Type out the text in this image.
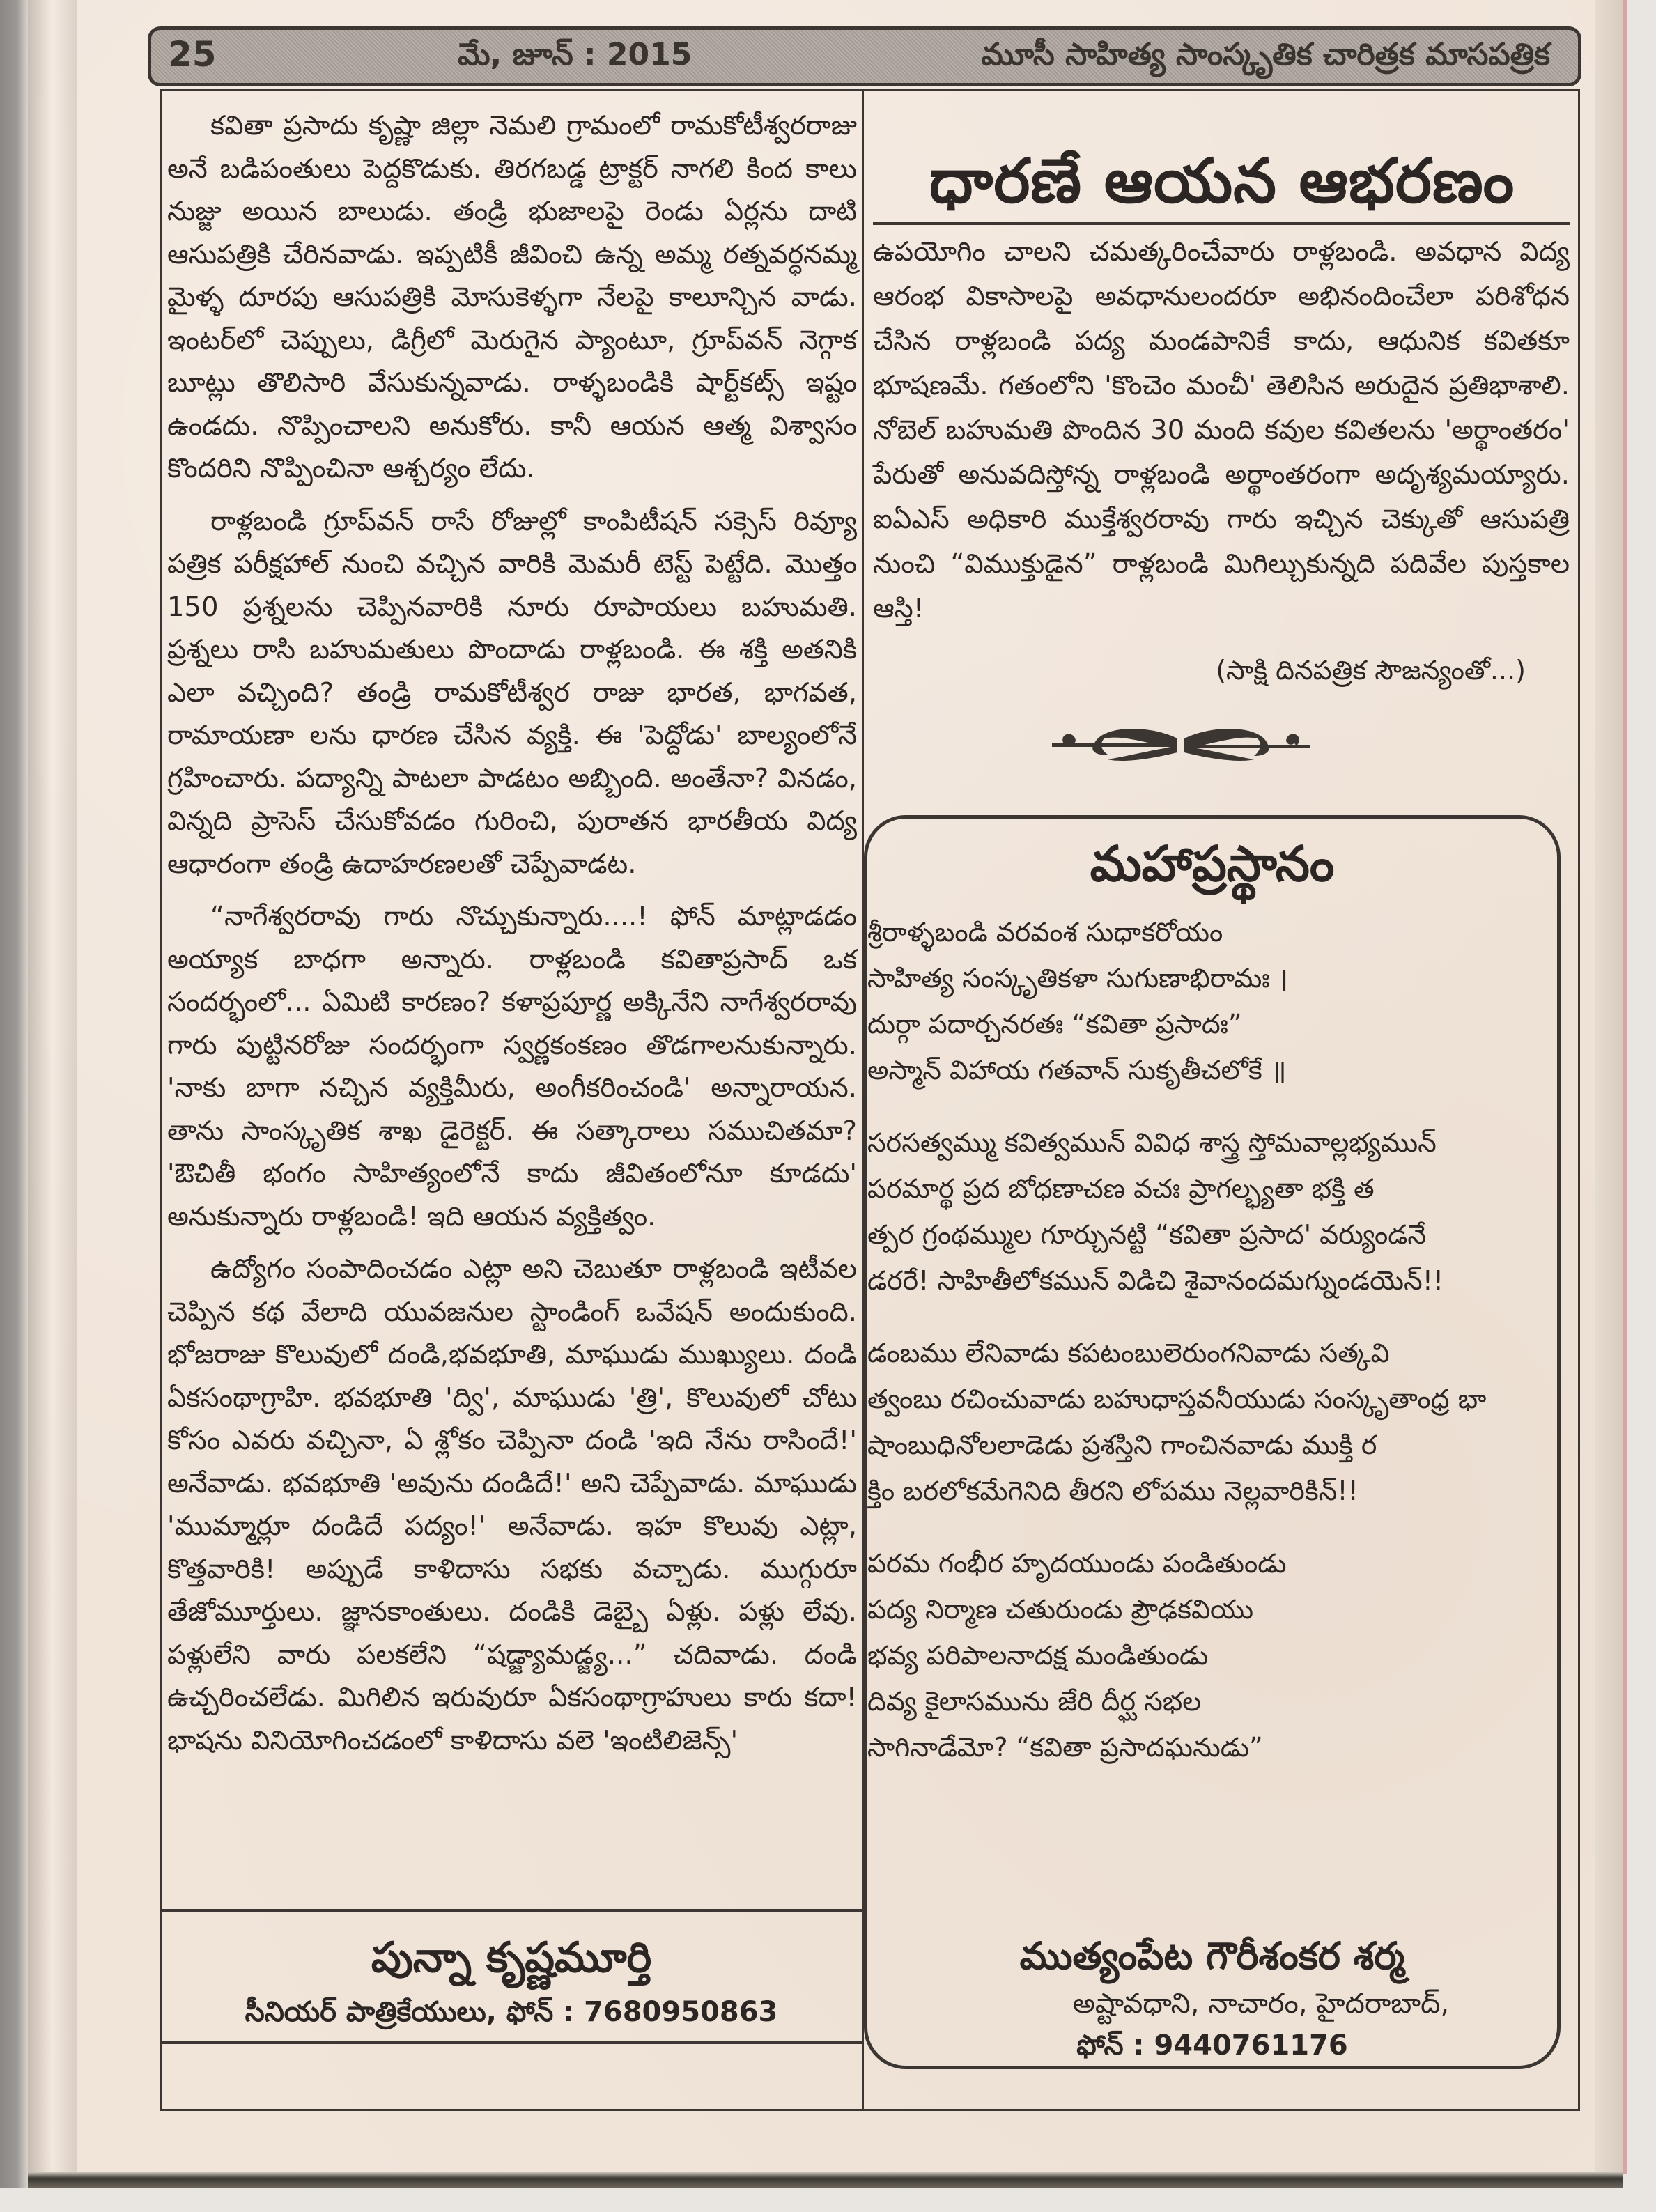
25	మే, జూన్ : 2015	మూసీ సాహిత్య సాంస్కృతిక చారిత్రక మాసపత్రిక

కవితా ప్రసాదు కృష్ణా జిల్లా నెమలి గ్రామంలో రామకోటీశ్వరరాజు అనే బడిపంతులు పెద్దకొడుకు. తిరగబడ్డ ట్రాక్టర్ నాగలి కింద కాలు నుజ్జు అయిన బాలుడు. తండ్రి భుజాలపై రెండు ఏర్లను దాటి ఆసుపత్రికి చేరినవాడు. ఇప్పటికీ జీవించి ఉన్న అమ్మ రత్నవర్ధనమ్మ మైళ్ళ దూరపు ఆసుపత్రికి మోసుకెళ్ళగా నేలపై కాలూన్చిన వాడు. ఇంటర్‌లో చెప్పులు, డిగ్రీలో మెరుగైన ప్యాంటూ, గ్రూప్‌వన్ నెగ్గాక బూట్లు తొలిసారి వేసుకున్నవాడు. రాళ్ళబండికి షార్ట్‌కట్స్ ఇష్టం ఉండదు. నొప్పించాలని అనుకోరు. కానీ ఆయన ఆత్మ విశ్వాసం కొందరిని నొప్పించినా ఆశ్చర్యం లేదు.

రాళ్లబండి గ్రూప్‌వన్ రాసే రోజుల్లో కాంపిటీషన్ సక్సెస్ రివ్యూ పత్రిక పరీక్షహాల్ నుంచి వచ్చిన వారికి మెమరీ టెస్ట్ పెట్టేది. మొత్తం 150 ప్రశ్నలను చెప్పినవారికి నూరు రూపాయలు బహుమతి. ప్రశ్నలు రాసి బహుమతులు పొందాడు రాళ్లబండి. ఈ శక్తి అతనికి ఎలా వచ్చింది? తండ్రి రామకోటీశ్వర రాజు భారత, భాగవత, రామాయణా లను ధారణ చేసిన వ్యక్తి. ఈ 'పెద్దోడు' బాల్యంలోనే గ్రహించారు. పద్యాన్ని పాటలా పాడటం అబ్బింది. అంతేనా? వినడం, విన్నది ప్రాసెస్ చేసుకోవడం గురించి, పురాతన భారతీయ విద్య ఆధారంగా తండ్రి ఉదాహరణలతో చెప్పేవాడట.

“నాగేశ్వరరావు గారు నొచ్చుకున్నారు....! ఫోన్ మాట్లాడడం అయ్యాక బాధగా అన్నారు. రాళ్లబండి కవితాప్రసాద్ ఒక సందర్భంలో... ఏమిటి కారణం? కళాప్రపూర్ణ అక్కినేని నాగేశ్వరరావు గారు పుట్టినరోజు సందర్భంగా స్వర్ణకంకణం తొడగాలనుకున్నారు. 'నాకు బాగా నచ్చిన వ్యక్తిమీరు, అంగీకరించండి' అన్నారాయన. తాను సాంస్కృతిక శాఖ డైరెక్టర్. ఈ సత్కారాలు సముచితమా? 'ఔచితీ భంగం సాహిత్యంలోనే కాదు జీవితంలోనూ కూడదు' అనుకున్నారు రాళ్లబండి! ఇది ఆయన వ్యక్తిత్వం.

ఉద్యోగం సంపాదించడం ఎట్లా అని చెబుతూ రాళ్లబండి ఇటీవల చెప్పిన కథ వేలాది యువజనుల స్టాండింగ్ ఒవేషన్ అందుకుంది. భోజరాజు కొలువులో దండి,భవభూతి, మాఘుడు ముఖ్యులు. దండి ఏకసంథాగ్రాహి. భవభూతి 'ద్వి', మాఘుడు 'త్రి', కొలువులో చోటు కోసం ఎవరు వచ్చినా, ఏ శ్లోకం చెప్పినా దండి 'ఇది నేను రాసిందే!' అనేవాడు. భవభూతి 'అవును దండిదే!' అని చెప్పేవాడు. మాఘుడు 'ముమ్మార్లూ దండిదే పద్యం!' అనేవాడు. ఇహ కొలువు ఎట్లా, కొత్తవారికి! అప్పుడే కాళిదాసు సభకు వచ్చాడు. ముగ్గురూ తేజోమూర్తులు. జ్ఞానకాంతులు. దండికి డెబ్బై ఏళ్లు. పళ్లు లేవు. పళ్లులేని వారు పలకలేని “షడ్జ్యామడ్జ్య...” చదివాడు. దండి ఉచ్చరించలేడు. మిగిలిన ఇరువురూ ఏకసంథాగ్రాహులు కారు కదా! భాషను వినియోగించడంలో కాళిదాసు వలె 'ఇంటిలిజెన్స్'

పున్నా కృష్ణమూర్తి
సీనియర్ పాత్రికేయులు, ఫోన్ : 7680950863
ధారణే ఆయన ఆభరణం

ఉపయోగిం చాలని చమత్కరించేవారు రాళ్లబండి. అవధాన విద్య ఆరంభ వికాసాలపై అవధానులందరూ అభినందించేలా పరిశోధన చేసిన రాళ్లబండి పద్య మండపానికే కాదు, ఆధునిక కవితకూ భూషణమే. గతంలోని 'కొంచెం మంచీ' తెలిసిన అరుదైన ప్రతిభాశాలి. నోబెల్ బహుమతి పొందిన 30 మంది కవుల కవితలను 'అర్థాంతరం' పేరుతో అనువదిస్తోన్న రాళ్లబండి అర్థాంతరంగా అదృశ్యమయ్యారు. ఐఏఎస్ అధికారి ముక్తేశ్వరరావు గారు ఇచ్చిన చెక్కుతో ఆసుపత్రి నుంచి “విముక్తుడైన” రాళ్లబండి మిగిల్చుకున్నది పదివేల పుస్తకాల ఆస్తి!

(సాక్షి దినపత్రిక సౌజన్యంతో...)
మహాప్రస్థానం
శ్రీరాళ్ళబండి వరవంశ సుధాకరోయం
సాహిత్య సంస్కృతికళా సుగుణాభిరామః ।
దుర్గా పదార్చనరతః “కవితా ప్రసాదః”
అస్మాన్ విహాయ గతవాన్ సుకృతీచలోకే ॥
సరసత్వమ్ము కవిత్వమున్ వివిధ శాస్త్ర స్తోమవాల్లభ్యమున్
పరమార్థ ప్రద బోధణాచణ వచః ప్రాగల్భ్యతా భక్తి త
త్పర గ్రంథమ్ముల గూర్చునట్టి “కవితా ప్రసాద' వర్యుండనే
డరరే! సాహితీలోకమున్ విడిచి శైవానందమగ్నుండయెన్!!
డంబము లేనివాడు కపటంబులెరుంగనివాడు సత్కవి
త్వంబు రచించువాడు బహుధాస్తవనీయుడు సంస్కృతాంధ్ర భా
షాంబుధినోలలాడెడు ప్రశస్తిని గాంచినవాడు ముక్తి ర
క్తిం బరలోకమేగెనిది తీరని లోపము నెల్లవారికిన్!!
పరమ గంభీర హృదయుండు పండితుండు
పద్య నిర్మాణ చతురుండు ప్రౌఢకవియు
భవ్య పరిపాలనాదక్ష మండితుండు
దివ్య కైలాసమును జేరి దీర్ఘ సభల
సాగినాడేమో? “కవితా ప్రసాదఘనుడు”
ముత్యంపేట గౌరీశంకర శర్మ
అష్టావధాని, నాచారం, హైదరాబాద్,
ఫోన్ : 9440761176
